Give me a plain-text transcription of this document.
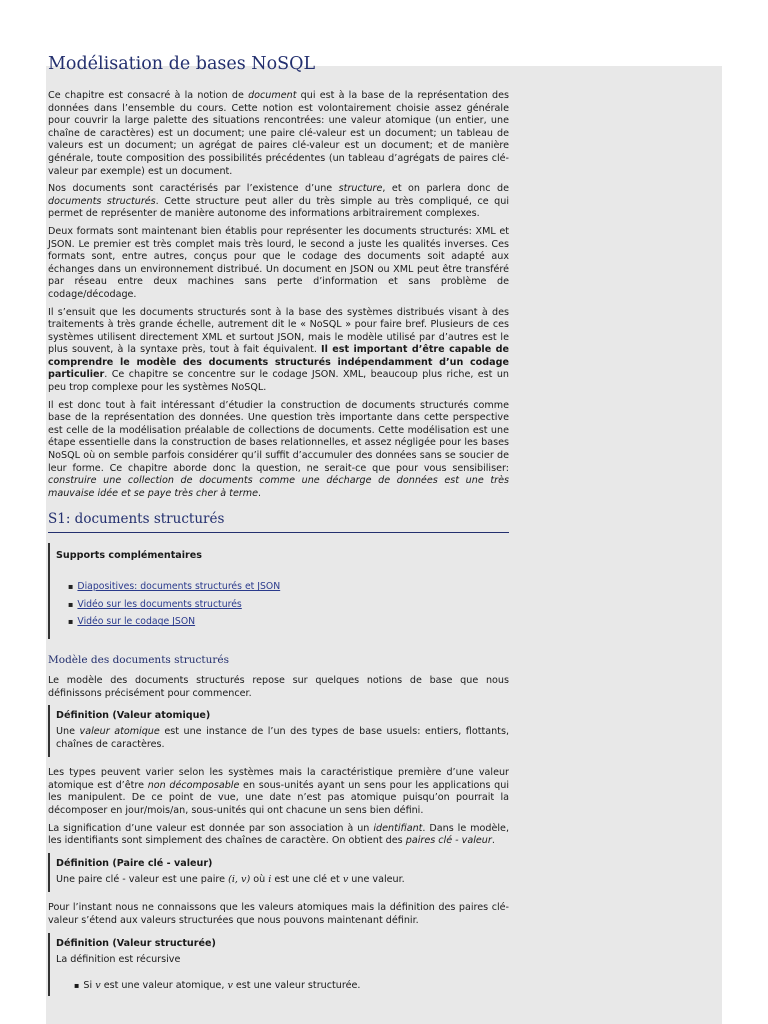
Modélisation de bases NoSQL

Ce chapitre est consacré à la notion de document qui est à la base de la représentation des données dans l’ensemble du cours. Cette notion est volontairement choisie assez générale pour couvrir la large palette des situations rencontrées: une valeur atomique (un entier, une chaîne de caractères) est un document; une paire clé-valeur est un document; un tableau de valeurs est un document; un agrégat de paires clé-valeur est un document; et de manière générale, toute composition des possibilités précédentes (un tableau d’agrégats de paires clé-valeur par exemple) est un document.

Nos documents sont caractérisés par l’existence d’une structure, et on parlera donc de documents structurés. Cette structure peut aller du très simple au très compliqué, ce qui permet de représenter de manière autonome des informations arbitrairement complexes.

Deux formats sont maintenant bien établis pour représenter les documents structurés: XML et JSON. Le premier est très complet mais très lourd, le second a juste les qualités inverses. Ces formats sont, entre autres, conçus pour que le codage des documents soit adapté aux échanges dans un environnement distribué. Un document en JSON ou XML peut être transféré par réseau entre deux machines sans perte d’information et sans problème de codage/décodage.

Il s’ensuit que les documents structurés sont à la base des systèmes distribués visant à des traitements à très grande échelle, autrement dit le « NoSQL » pour faire bref. Plusieurs de ces systèmes utilisent directement XML et surtout JSON, mais le modèle utilisé par d’autres est le plus souvent, à la syntaxe près, tout à fait équivalent. Il est important d’être capable de comprendre le modèle des documents structurés indépendamment d’un codage particulier. Ce chapitre se concentre sur le codage JSON. XML, beaucoup plus riche, est un peu trop complexe pour les systèmes NoSQL.

Il est donc tout à fait intéressant d’étudier la construction de documents structurés comme base de la représentation des données. Une question très importante dans cette perspective est celle de la modélisation préalable de collections de documents. Cette modélisation est une étape essentielle dans la construction de bases relationnelles, et assez négligée pour les bases NoSQL où on semble parfois considérer qu’il suffit d’accumuler des données sans se soucier de leur forme. Ce chapitre aborde donc la question, ne serait-ce que pour vous sensibiliser: construire une collection de documents comme une décharge de données est une très mauvaise idée et se paye très cher à terme.

S1: documents structurés
Supports complémentaires
▪ Diapositives: documents structurés et JSON
▪ Vidéo sur les documents structurés
▪ Vidéo sur le codage JSON
Modèle des documents structurés

Le modèle des documents structurés repose sur quelques notions de base que nous définissons précisément pour commencer.

Définition (Valeur atomique)

Une valeur atomique est une instance de l’un des types de base usuels: entiers, flottants, chaînes de caractères.

Les types peuvent varier selon les systèmes mais la caractéristique première d’une valeur atomique est d’être non décomposable en sous-unités ayant un sens pour les applications qui les manipulent. De ce point de vue, une date n’est pas atomique puisqu’on pourrait la décomposer en jour/mois/an, sous-unités qui ont chacune un sens bien défini.

La signification d’une valeur est donnée par son association à un identifiant. Dans le modèle, les identifiants sont simplement des chaînes de caractère. On obtient des paires clé - valeur.

Définition (Paire clé - valeur)

Une paire clé - valeur est une paire (i, v) où i est une clé et v une valeur.

Pour l’instant nous ne connaissons que les valeurs atomiques mais la définition des paires clé-valeur s’étend aux valeurs structurées que nous pouvons maintenant définir.

Définition (Valeur structurée)

La définition est récursive

▪ Si v est une valeur atomique, v est une valeur structurée.
